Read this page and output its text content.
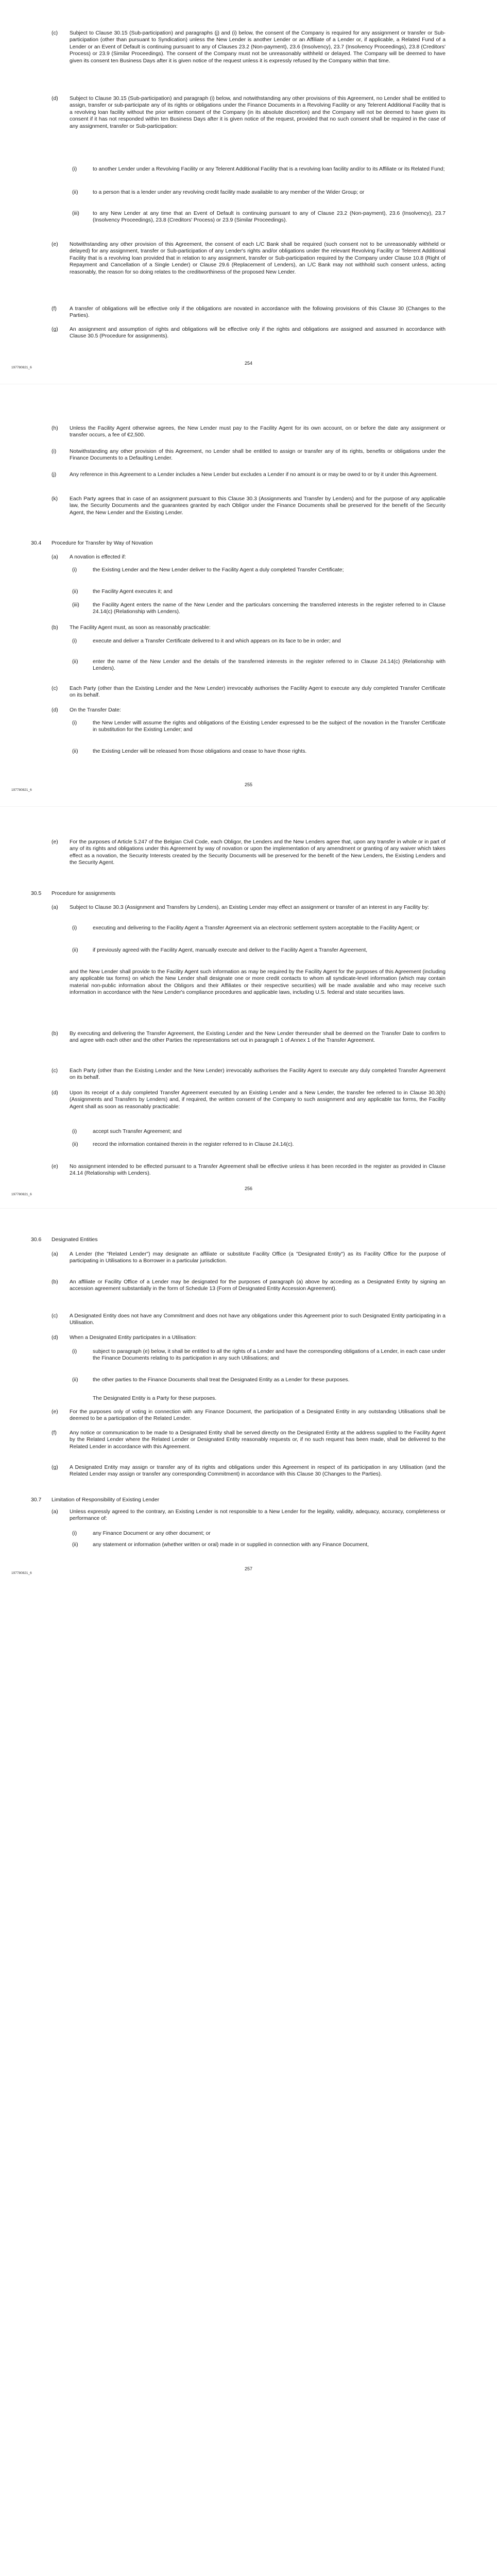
(c) Subject to Clause 30.15 (Sub-participation) and paragraphs (j) and (i) below, the consent of the Company is required for any assignment or transfer or Sub-participation (other than pursuant to Syndication) unless the New Lender is another Lender or an Affiliate of a Lender or, if applicable, a Related Fund of a Lender or an Event of Default is continuing pursuant to any of Clauses 23.2 (Non-payment), 23.6 (Insolvency), 23.7 (Insolvency Proceedings), 23.8 (Creditors' Process) or 23.9 (Similar Proceedings). The consent of the Company must not be unreasonably withheld or delayed. The Company will be deemed to have given its consent ten Business Days after it is given notice of the request unless it is expressly refused by the Company within that time.
(d) Subject to Clause 30.15 (Sub-participation) and paragraph (i) below, and notwithstanding any other provisions of this Agreement, no Lender shall be entitled to assign, transfer or sub-participate any of its rights or obligations under the Finance Documents in a Revolving Facility or any Telerent Additional Facility that is a revolving loan facility without the prior written consent of the Company (in its absolute discretion) and the Company will not be deemed to have given its consent if it has not responded within ten Business Days after it is given notice of the request, provided that no such consent shall be required in the case of any assignment, transfer or Sub-participation:
(i)	to another Lender under a Revolving Facility or any Telerent Additional Facility that is a revolving loan facility and/or to its Affiliate or its Related Fund;
(ii)	to a person that is a lender under any revolving credit facility made available to any member of the Wider Group; or
(iii)	to any New Lender at any time that an Event of Default is continuing pursuant to any of Clause 23.2 (Non-payment), 23.6 (Insolvency), 23.7 (Insolvency Proceedings), 23.8 (Creditors' Process) or 23.9 (Similar Proceedings).
(e) Notwithstanding any other provision of this Agreement, the consent of each L/C Bank shall be required (such consent not to be unreasonably withheld or delayed) for any assignment, transfer or Sub-participation of any Lender's rights and/or obligations under the relevant Revolving Facility or Telerent Additional Facility that is a revolving loan provided that in relation to any assignment, transfer or Sub-participation required by the Company under Clause 10.8 (Right of Repayment and Cancellation of a Single Lender) or Clause 29.6 (Replacement of Lenders), an L/C Bank may not withhold such consent unless, acting reasonably, the reason for so doing relates to the creditworthiness of the proposed New Lender.
(f) A transfer of obligations will be effective only if the obligations are novated in accordance with the following provisions of this Clause 30 (Changes to the Parties).
(g) An assignment and assumption of rights and obligations will be effective only if the rights and obligations are assigned and assumed in accordance with Clause 30.5 (Procedure for assignments).
197780821_6
254
(h) Unless the Facility Agent otherwise agrees, the New Lender must pay to the Facility Agent for its own account, on or before the date any assignment or transfer occurs, a fee of €2,500.
(i) Notwithstanding any other provision of this Agreement, no Lender shall be entitled to assign or transfer any of its rights, benefits or obligations under the Finance Documents to a Defaulting Lender.
(j) Any reference in this Agreement to a Lender includes a New Lender but excludes a Lender if no amount is or may be owed to or by it under this Agreement.
(k) Each Party agrees that in case of an assignment pursuant to this Clause 30.3 (Assignments and Transfer by Lenders) and for the purpose of any applicable law, the Security Documents and the guarantees granted by each Obligor under the Finance Documents shall be preserved for the benefit of the Security Agent, the New Lender and the Existing Lender.
30.4 Procedure for Transfer by Way of Novation
(a) A novation is effected if:
(i)	the Existing Lender and the New Lender deliver to the Facility Agent a duly completed Transfer Certificate;
(ii)	the Facility Agent executes it; and
(iii)	the Facility Agent enters the name of the New Lender and the particulars concerning the transferred interests in the register referred to in Clause 24.14(c) (Relationship with Lenders).
(b) The Facility Agent must, as soon as reasonably practicable:
(i)	execute and deliver a Transfer Certificate delivered to it and which appears on its face to be in order; and
(ii)	enter the name of the New Lender and the details of the transferred interests in the register referred to in Clause 24.14(c) (Relationship with Lenders).
(c) Each Party (other than the Existing Lender and the New Lender) irrevocably authorises the Facility Agent to execute any duly completed Transfer Certificate on its behalf.
(d) On the Transfer Date:
(i)	the New Lender willl assume the rights and obligations of the Existing Lender expressed to be the subject of the novation in the Transfer Certificate in substitution for the Existing Lender; and
(ii)	the Existing Lender will be released from those obligations and cease to have those rights.
197780821_6
255
(e) For the purposes of Article 5.247 of the Belgian Civil Code, each Obligor, the Lenders and the New Lenders agree that, upon any transfer in whole or in part of any of its rights and obligations under this Agreement by way of novation or upon the implementation of any amendment or granting of any waiver which takes effect as a novation, the Security Interests created by the Security Documents will be preserved for the benefit of the New Lenders, the Existing Lenders and the Security Agent.
30.5 Procedure for assignments
(a) Subject to Clause 30.3 (Assignment and Transfers by Lenders), an Existing Lender may effect an assignment or transfer of an interest in any Facility by:
(i)	executing and delivering to the Facility Agent a Transfer Agreement via an electronic settlement system acceptable to the Facility Agent; or
(ii)	if previously agreed with the Facility Agent, manually execute and deliver to the Facility Agent a Transfer Agreement,
and the New Lender shall provide to the Facility Agent such information as may be required by the Facility Agent for the purposes of this Agreement (including any applicable tax forms) on which the New Lender shall designate one or more credit contacts to whom all syndicate-level information (which may contain material non-public information about the Obligors and their Affiliates or their respective securities) will be made available and who may receive such information in accordance with the New Lender's compliance procedures and applicable laws, including U.S. federal and state securities laws.
(b) By executing and delivering the Transfer Agreement, the Existing Lender and the New Lender thereunder shall be deemed on the Transfer Date to confirm to and agree with each other and the other Parties the representations set out in paragraph 1 of Annex 1 of the Transfer Agreement.
(c) Each Party (other than the Existing Lender and the New Lender) irrevocably authorises the Facility Agent to execute any duly completed Transfer Agreement on its behalf.
(d) Upon its receipt of a duly completed Transfer Agreement executed by an Existing Lender and a New Lender, the transfer fee referred to in Clause 30.3(h) (Assignments and Transfers by Lenders) and, if required, the written consent of the Company to such assignment and any applicable tax forms, the Facility Agent shall as soon as reasonably practicable:
(i)	accept such Transfer Agreement; and
(ii)	record the information contained therein in the register referred to in Clause 24.14(c).
(e) No assignment intended to be effected pursuant to a Transfer Agreement shall be effective unless it has been recorded in the register as provided in Clause 24.14 (Relationship with Lenders).
197780821_6
256
30.6 Designated Entities
(a) A Lender (the "Related Lender") may designate an affiliate or substitute Facility Office (a "Designated Entity") as its Facility Office for the purpose of participating in Utilisations to a Borrower in a particular jurisdiction.
(b) An affiliate or Facility Office of a Lender may be designated for the purposes of paragraph (a) above by acceding as a Designated Entity by signing an accession agreement substantially in the form of Schedule 13 (Form of Designated Entity Accession Agreement).
(c) A Designated Entity does not have any Commitment and does not have any obligations under this Agreement prior to such Designated Entity participating in a Utilisation.
(d) When a Designated Entity participates in a Utilisation:
(i)	subject to paragraph (e) below, it shall be entitled to all the rights of a Lender and have the corresponding obligations of a Lender, in each case under the Finance Documents relating to its participation in any such Utilisations; and
(ii)	the other parties to the Finance Documents shall treat the Designated Entity as a Lender for these purposes.
The Designated Entity is a Party for these purposes.
(e) For the purposes only of voting in connection with any Finance Document, the participation of a Designated Entity in any outstanding Utilisations shall be deemed to be a participation of the Related Lender.
(f) Any notice or communication to be made to a Designated Entity shall be served directly on the Designated Entity at the address supplied to the Facility Agent by the Related Lender where the Related Lender or Designated Entity reasonably requests or, if no such request has been made, shall be delivered to the Related Lender in accordance with this Agreement.
(g) A Designated Entity may assign or transfer any of its rights and obligations under this Agreement in respect of its participation in any Utilisation (and the Related Lender may assign or transfer any corresponding Commitment) in accordance with this Clause 30 (Changes to the Parties).
30.7 Limitation of Responsibility of Existing Lender
(a) Unless expressly agreed to the contrary, an Existing Lender is not responsible to a New Lender for the legality, validity, adequacy, accuracy, completeness or performance of:
(i)	any Finance Document or any other document; or
(ii)	any statement or information (whether written or oral) made in or supplied in connection with any Finance Document,
197780821_6
257
